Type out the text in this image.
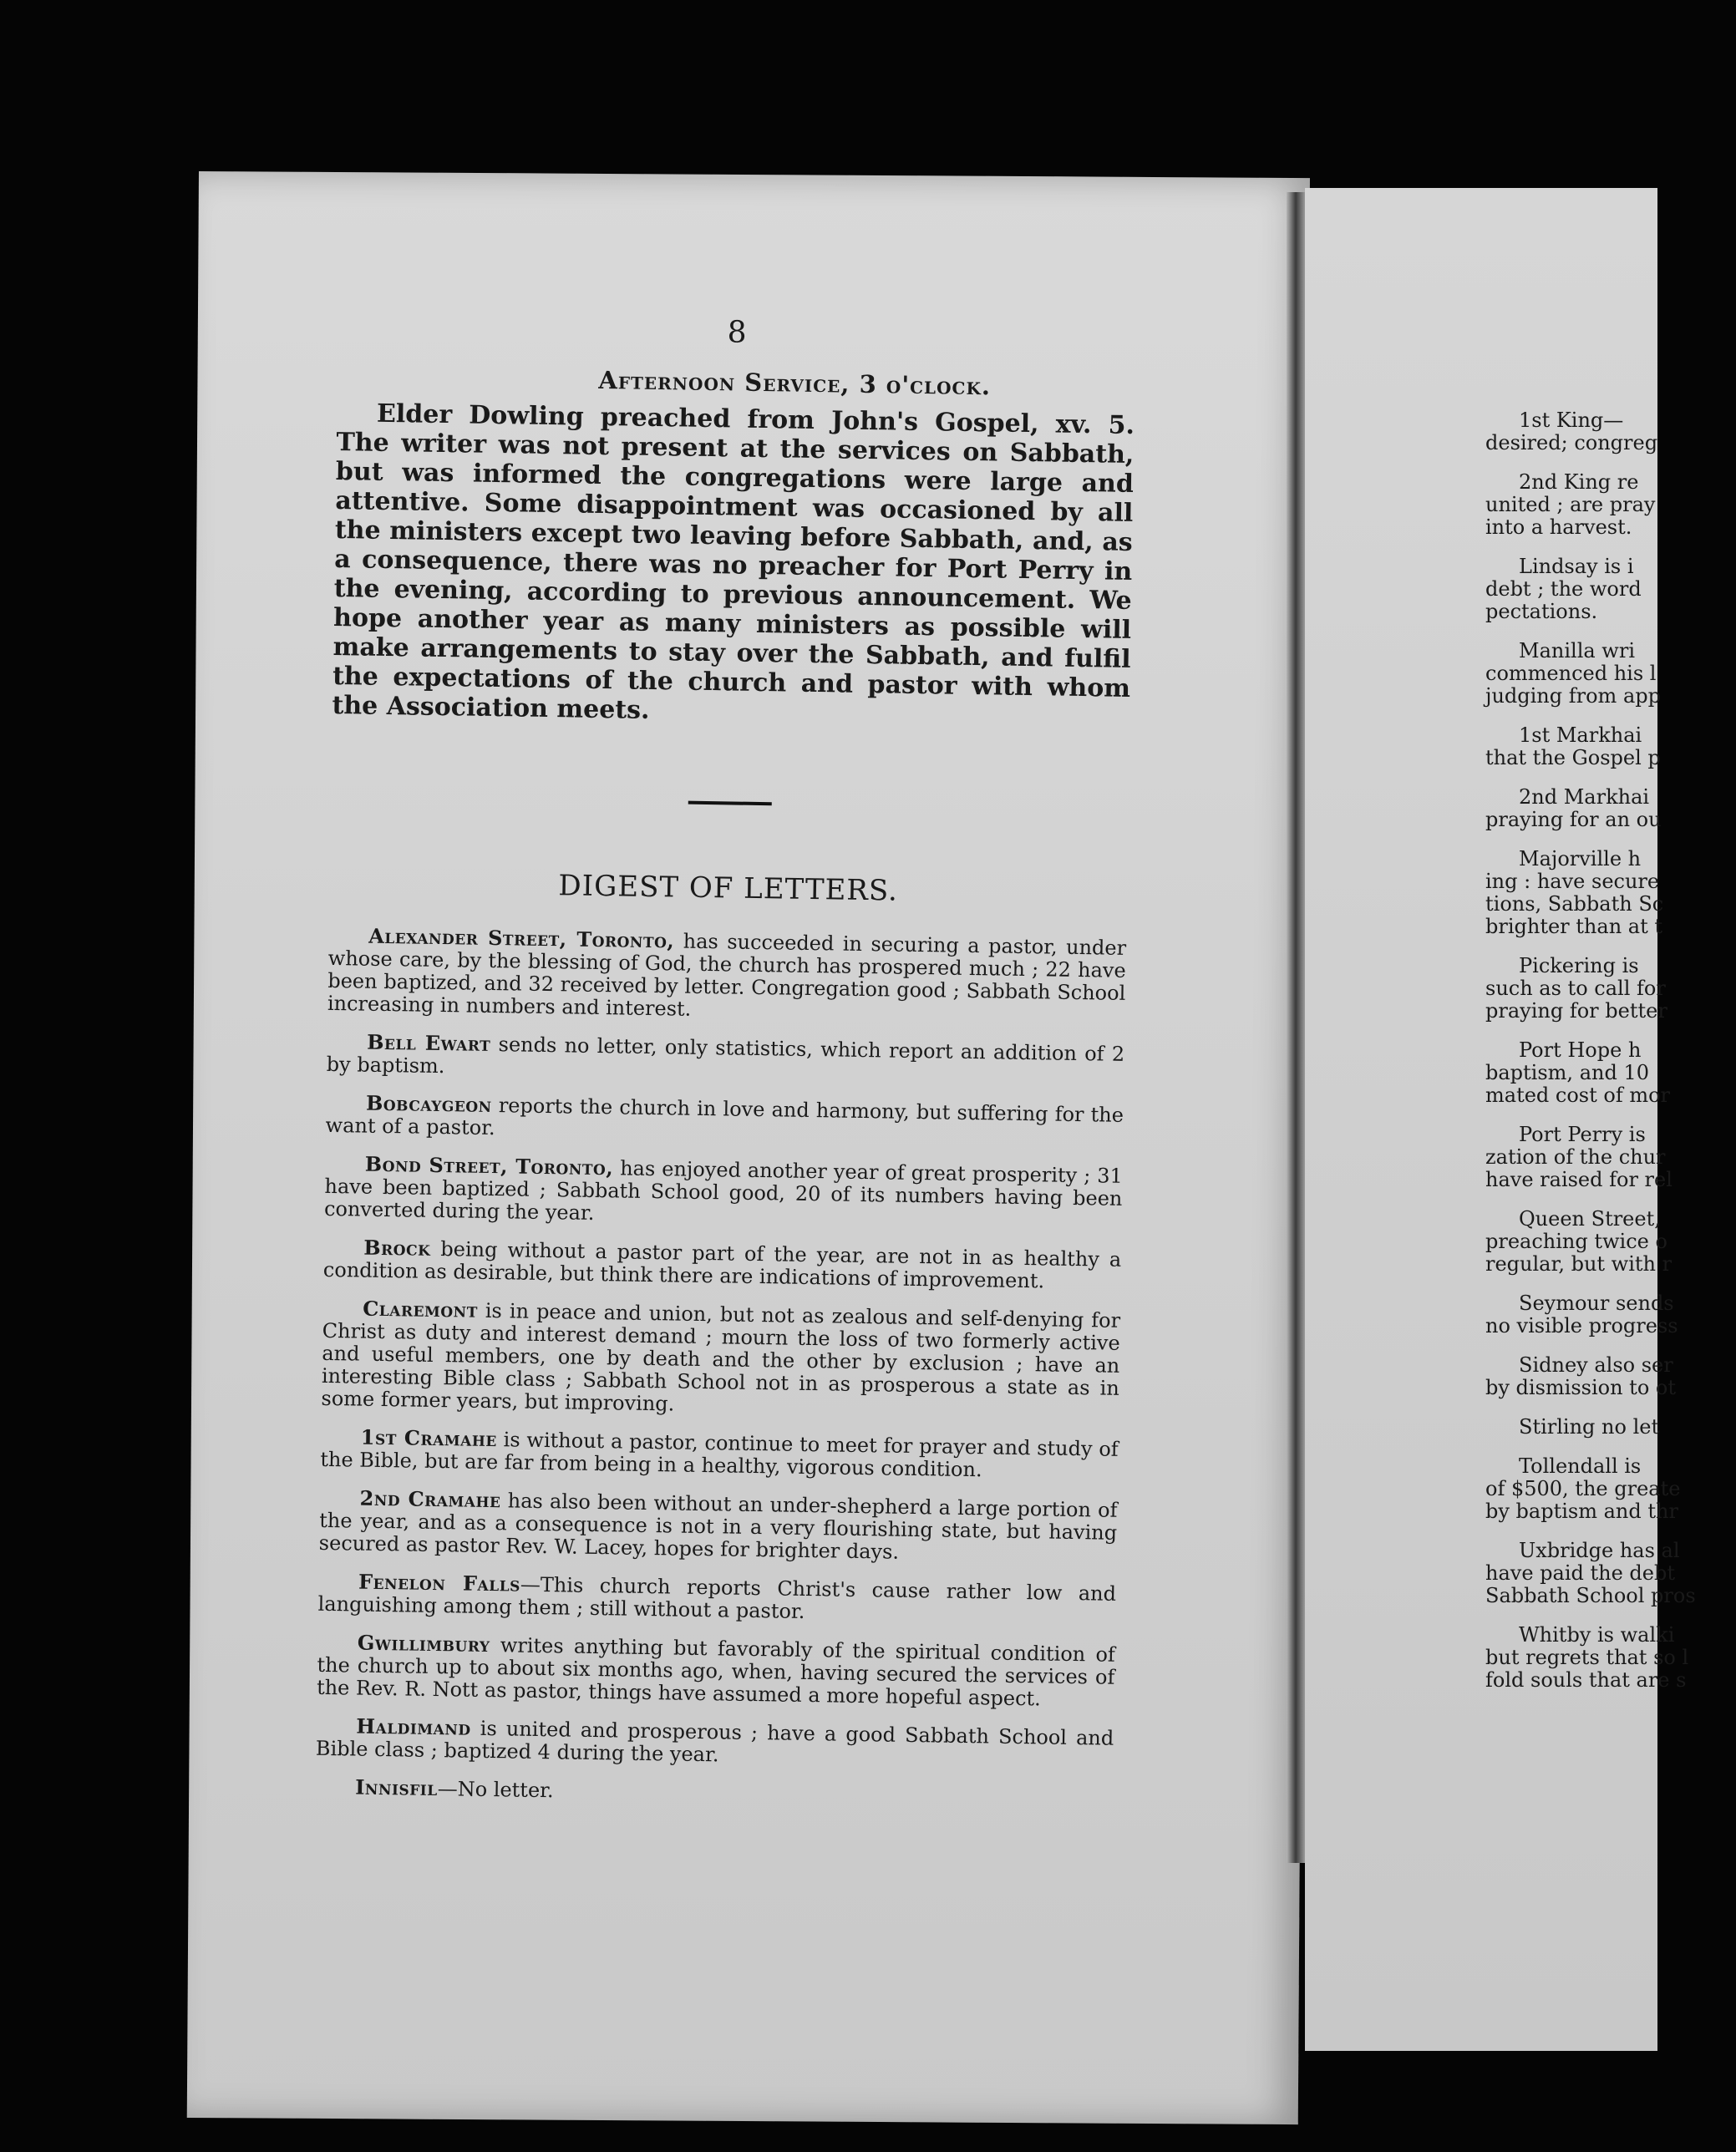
8
Afternoon Service, 3 o'clock.

Elder Dowling preached from John's Gospel, xv. 5. The writer was not present at the services on Sabbath, but was informed the congregations were large and attentive. Some disappointment was occasioned by all the ministers except two leaving before Sabbath, and, as a consequence, there was no preacher for Port Perry in the evening, according to previous announcement. We hope another year as many ministers as possible will make arrangements to stay over the Sabbath, and fulfil the expectations of the church and pastor with whom the Association meets.

DIGEST OF LETTERS.

Alexander Street, Toronto, has succeeded in securing a pastor, under whose care, by the blessing of God, the church has prospered much ; 22 have been baptized, and 32 received by letter. Congregation good ; Sabbath School increasing in numbers and interest.

Bell Ewart sends no letter, only statistics, which report an addition of 2 by baptism.

Bobcaygeon reports the church in love and harmony, but suffering for the want of a pastor.

Bond Street, Toronto, has enjoyed another year of great prosperity ; 31 have been baptized ; Sabbath School good, 20 of its numbers having been converted during the year.

Brock being without a pastor part of the year, are not in as healthy a condition as desirable, but think there are indications of improvement.

Claremont is in peace and union, but not as zealous and self-denying for Christ as duty and interest demand ; mourn the loss of two formerly active and useful members, one by death and the other by exclusion ; have an interesting Bible class ; Sabbath School not in as prosperous a state as in some former years, but improving.

1st Cramahe is without a pastor, continue to meet for prayer and study of the Bible, but are far from being in a healthy, vigorous condition.

2nd Cramahe has also been without an under-shepherd a large portion of the year, and as a consequence is not in a very flourishing state, but having secured as pastor Rev. W. Lacey, hopes for brighter days.

Fenelon Falls—This church reports Christ's cause rather low and languishing among them ; still without a pastor.

Gwillimbury writes anything but favorably of the spiritual condition of the church up to about six months ago, when, having secured the services of the Rev. R. Nott as pastor, things have assumed a more hopeful aspect.

Haldimand is united and prosperous ; have a good Sabbath School and Bible class ; baptized 4 during the year.

Innisfil—No letter.

1st King—
desired; congreg
2nd King re
united ; are pray
into a harvest.
Lindsay is i
debt ; the word
pectations.
Manilla wri
commenced his l
judging from app
1st Markhai
that the Gospel p
2nd Markhai
praying for an ou
Majorville h
ing : have secure
tions, Sabbath Sc
brighter than at t
Pickering is
such as to call for
praying for better
Port Hope h
baptism, and 10
mated cost of mor
Port Perry is
zation of the chur
have raised for rel
Queen Street,
preaching twice o
regular, but with r
Seymour sends
no visible progress
Sidney also ser
by dismission to ot
Stirling no let
Tollendall is
of $500, the greate
by baptism and thr
Uxbridge has al
have paid the debt
Sabbath School pros
Whitby is walki
but regrets that so l
fold souls that are s
